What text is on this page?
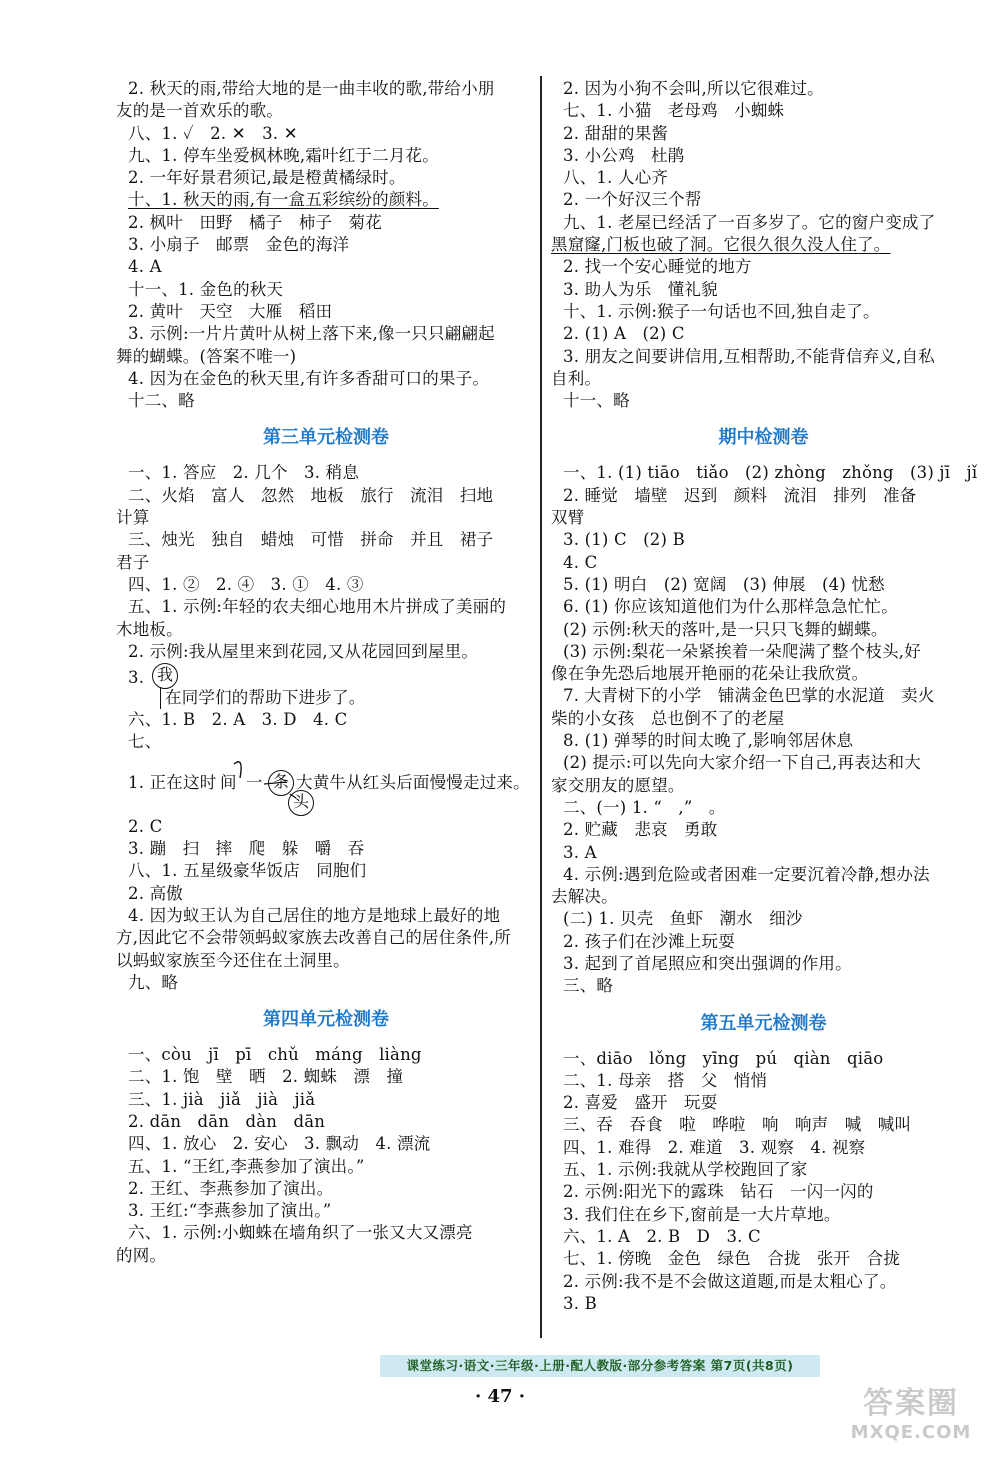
2. 秋天的雨,带给大地的是一曲丰收的歌,带给小朋
友的是一首欢乐的歌。
八、1. ✓   2. ✕   3. ✕
九、1. 停车坐爱枫林晚,霜叶红于二月花。
2. 一年好景君须记,最是橙黄橘绿时。
十、1. 秋天的雨,有一盒五彩缤纷的颜料。
2. 枫叶   田野   橘子   柿子   菊花
3. 小扇子   邮票   金色的海洋
4. A
十一、1. 金色的秋天
2. 黄叶   天空   大雁   稻田
3. 示例:一片片黄叶从树上落下来,像一只只翩翩起
舞的蝴蝶。(答案不唯一)
4. 因为在金色的秋天里,有许多香甜可口的果子。
十二、略
第三单元检测卷
一、1. 答应   2. 几个   3. 稍息
二、火焰   富人   忽然   地板   旅行   流泪   扫地
计算
三、烛光   独自   蜡烛   可惜   拼命   并且   裙子
君子
四、1. ②   2. ④   3. ①   4. ③
五、1. 示例:年轻的农夫细心地用木片拼成了美丽的
木地板。
2. 示例:我从屋里来到花园,又从花园回到屋里。
3. 我
在同学们的帮助下进步了。
六、1. B   2. A   3. D   4. C
七、
1. 正在这时 间 一 条 大黄牛从红头后面慢慢走过来。
头
2. C
3. 蹦   扫   摔   爬   躲   嚼   吞
八、1. 五星级豪华饭店   同胞们
2. 高傲
4. 因为蚁王认为自己居住的地方是地球上最好的地
方,因此它不会带领蚂蚁家族去改善自己的居住条件,所
以蚂蚁家族至今还住在土洞里。
九、略
第四单元检测卷
一、còu   jī   pī   chǔ   máng   liàng
二、1. 饱   壁   晒   2. 蜘蛛   漂   撞
三、1. jià   jiǎ   jià   jiǎ
2. dān   dān   dàn   dān
四、1. 放心   2. 安心   3. 飘动   4. 漂流
五、1. “王红,李燕参加了演出。”
2. 王红、李燕参加了演出。
3. 王红:“李燕参加了演出。”
六、1. 示例:小蜘蛛在墙角织了一张又大又漂亮
的网。
2. 因为小狗不会叫,所以它很难过。
七、1. 小猫   老母鸡   小蜘蛛
2. 甜甜的果酱
3. 小公鸡   杜鹃
八、1. 人心齐
2. 一个好汉三个帮
九、1. 老屋已经活了一百多岁了。它的窗户变成了
黑窟窿,门板也破了洞。它很久很久没人住了。
2. 找一个安心睡觉的地方
3. 助人为乐   懂礼貌
十、1. 示例:猴子一句话也不回,独自走了。
2. (1) A   (2) C
3. 朋友之间要讲信用,互相帮助,不能背信弃义,自私
自利。
十一、略
期中检测卷
一、1. (1) tiāo   tiǎo   (2) zhòng   zhǒng   (3) jī   jǐ
2. 睡觉   墙壁   迟到   颜料   流泪   排列   准备
双臂
3. (1) C   (2) B
4. C
5. (1) 明白   (2) 宽阔   (3) 伸展   (4) 忧愁
6. (1) 你应该知道他们为什么那样急急忙忙。
(2) 示例:秋天的落叶,是一只只飞舞的蝴蝶。
(3) 示例:梨花一朵紧挨着一朵爬满了整个枝头,好
像在争先恐后地展开艳丽的花朵让我欣赏。
7. 大青树下的小学   铺满金色巴掌的水泥道   卖火
柴的小女孩   总也倒不了的老屋
8. (1) 弹琴的时间太晚了,影响邻居休息
(2) 提示:可以先向大家介绍一下自己,再表达和大
家交朋友的愿望。
二、(一) 1. “   ,”   。
2. 贮藏   悲哀   勇敢
3. A
4. 示例:遇到危险或者困难一定要沉着冷静,想办法
去解决。
(二) 1. 贝壳   鱼虾   潮水   细沙
2. 孩子们在沙滩上玩耍
3. 起到了首尾照应和突出强调的作用。
三、略
第五单元检测卷
一、diāo   lǒng   yīng   pú   qiàn   qiāo
二、1. 母亲   搭   父   悄悄
2. 喜爱   盛开   玩耍
三、吞   吞食   啦   哗啦   响   响声   喊   喊叫
四、1. 难得   2. 难道   3. 观察   4. 视察
五、1. 示例:我就从学校跑回了家
2. 示例:阳光下的露珠   钻石   一闪一闪的
3. 我们住在乡下,窗前是一大片草地。
六、1. A   2. B   D   3. C
七、1. 傍晚   金色   绿色   合拢   张开   合拢
2. 示例:我不是不会做这道题,而是太粗心了。
3. B
课堂练习·语文·三年级·上册·配人教版·部分参考答案 第7页(共8页)
· 47 ·	答案圈
MXQE.COM
